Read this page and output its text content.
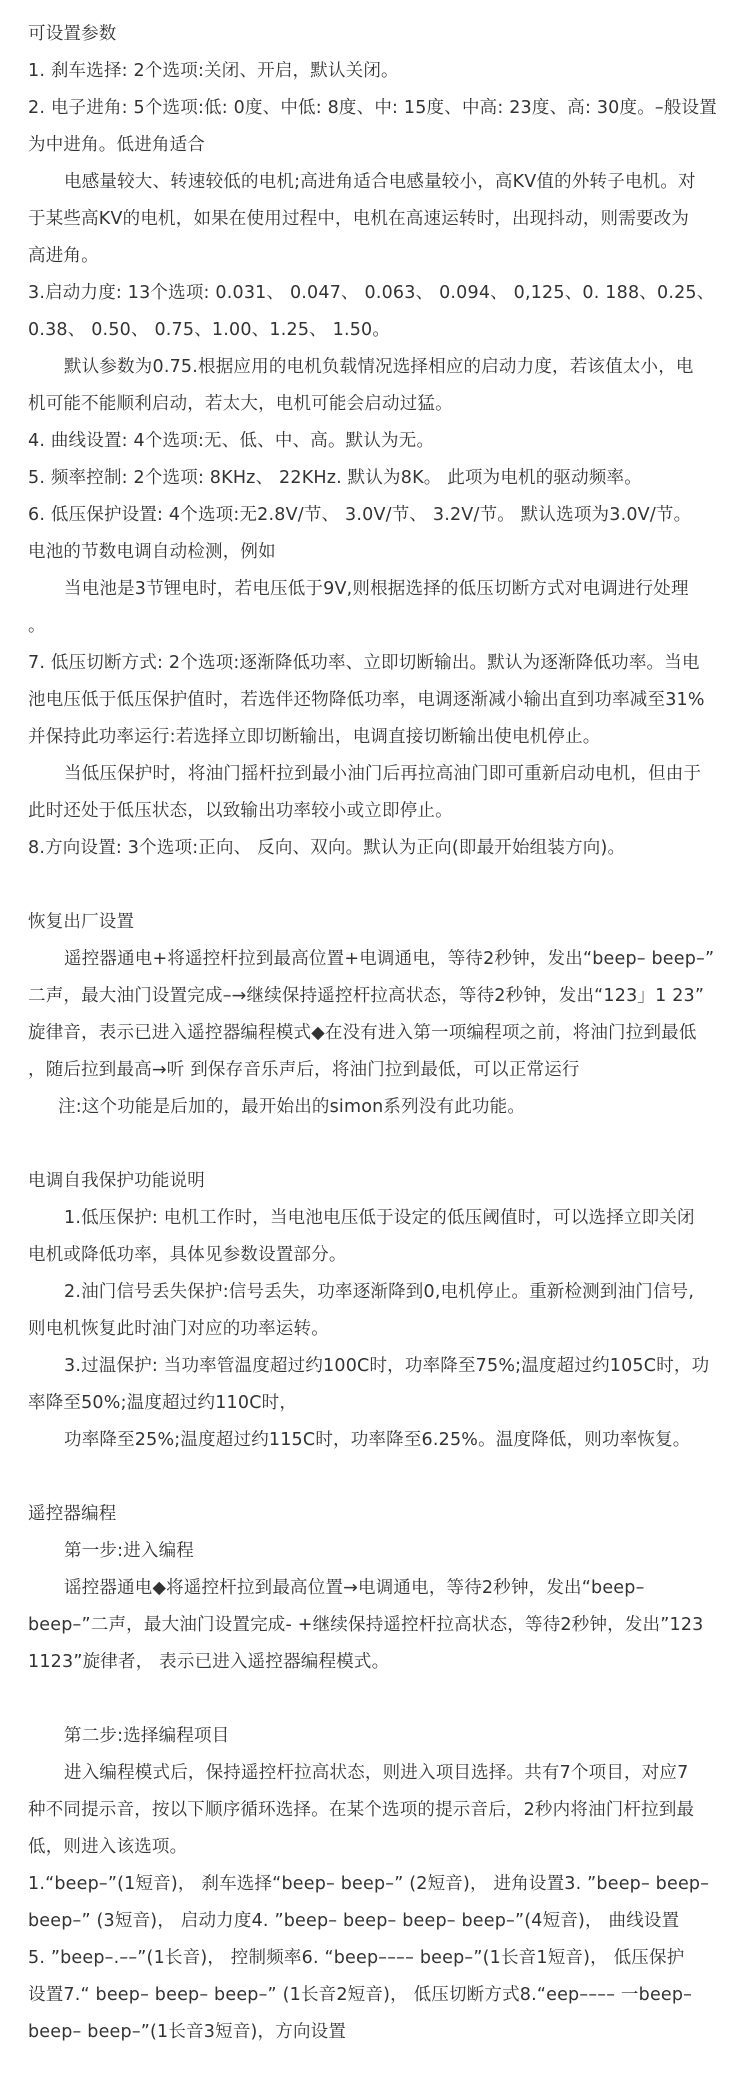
可设置参数
1. 刹车选择: 2个选项:关闭、开启，默认关闭。
2. 电子进角: 5个选项:低: 0度、中低: 8度、中: 15度、中高: 23度、高: 30度。–般设置
为中进角。低进角适合
电感量较大、转速较低的电机;高进角适合电感量较小，高KV值的外转子电机。对
于某些高KV的电机，如果在使用过程中，电机在高速运转时，出现抖动，则需要改为
高进角。
3.启动力度: 13个选项: 0.031、 0.047、 0.063、 0.094、 0,125、0. 188、0.25、
0.38、 0.50、 0.75、1.00、1.25、 1.50。
默认参数为0.75.根据应用的电机负载情况选择相应的启动力度，若该值太小，电
机可能不能顺利启动，若太大，电机可能会启动过猛。
4. 曲线设置: 4个选项:无、低、中、高。默认为无。
5. 频率控制: 2个选项: 8KHz、 22KHz. 默认为8K。 此项为电机的驱动频率。
6. 低压保护设置: 4个选项:无2.8V/节、 3.0V/节、 3.2V/节。 默认选项为3.0V/节。
电池的节数电调自动检测，例如
当电池是3节锂电时，若电压低于9V,则根据选择的低压切断方式对电调进行处理
。
7. 低压切断方式: 2个选项:逐渐降低功率、立即切断输出。默认为逐渐降低功率。当电
池电压低于低压保护值时，若选伴还物降低功率，电调逐渐减小输出直到功率减至31%
并保持此功率运行:若选择立即切断输出，电调直接切断输出使电机停止。
当低压保护时，将油门摇杆拉到最小油门后再拉高油门即可重新启动电机，但由于
此时还处于低压状态，以致输出功率较小或立即停止。
8.方向设置: 3个选项:正向、 反向、双向。默认为正向(即最开始组装方向)。
恢复出厂设置
遥控器通电+将遥控杆拉到最高位置+电调通电，等待2秒钟，发出“beep– beep–”
二声，最大油门设置完成–→继续保持遥控杆拉高状态，等待2秒钟，发出“123」1 23”
旋律音，表示已进入遥控器编程模式◆在没有进入第一项编程项之前，将油门拉到最低
，随后拉到最高→听 到保存音乐声后，将油门拉到最低，可以正常运行
注:这个功能是后加的，最开始出的simon系列没有此功能。
电调自我保护功能说明
1.低压保护: 电机工作时，当电池电压低于设定的低压阈值时，可以选择立即关闭
电机或降低功率，具体见参数设置部分。
2.油门信号丢失保护:信号丢失，功率逐渐降到0,电机停止。重新检测到油门信号,
则电机恢复此时油门对应的功率运转。
3.过温保护: 当功率管温度超过约100C时，功率降至75%;温度超过约105C时，功
率降至50%;温度超过约110C时，
功率降至25%;温度超过约115C时，功率降至6.25%。温度降低，则功率恢复。
遥控器编程
第一步:进入编程
谣控器通电◆将遥控杆拉到最高位置→电调通电，等待2秒钟，发出“beep–
beep–”二声，最大油门设置完成- +继续保持遥控杆拉高状态，等待2秒钟，发出”123
1123”旋律者， 表示已进入遥控器编程模式。
第二步:选择编程项目
进入编程模式后，保持遥控杆拉高状态，则进入项目选择。共有7个项目，对应7
种不同提示音，按以下顺序循环选择。在某个选项的提示音后，2秒内将油门杆拉到最
低，则进入该选项。
1.“beep–”(1短音)， 刹车选择“beep– beep–” (2短音)， 进角设置3. ”beep– beep–
beep–” (3短音)， 启动力度4. ”beep– beep– beep– beep–”(4短音)， 曲线设置
5. ”beep–.––”(1长音)， 控制频率6. “beep–––– beep–”(1长音1短音)， 低压保护
设置7.“ beep– beep– beep–” (1长音2短音)， 低压切断方式8.“eep–––– 一beep–
beep– beep–”(1长音3短音)，方向设置
